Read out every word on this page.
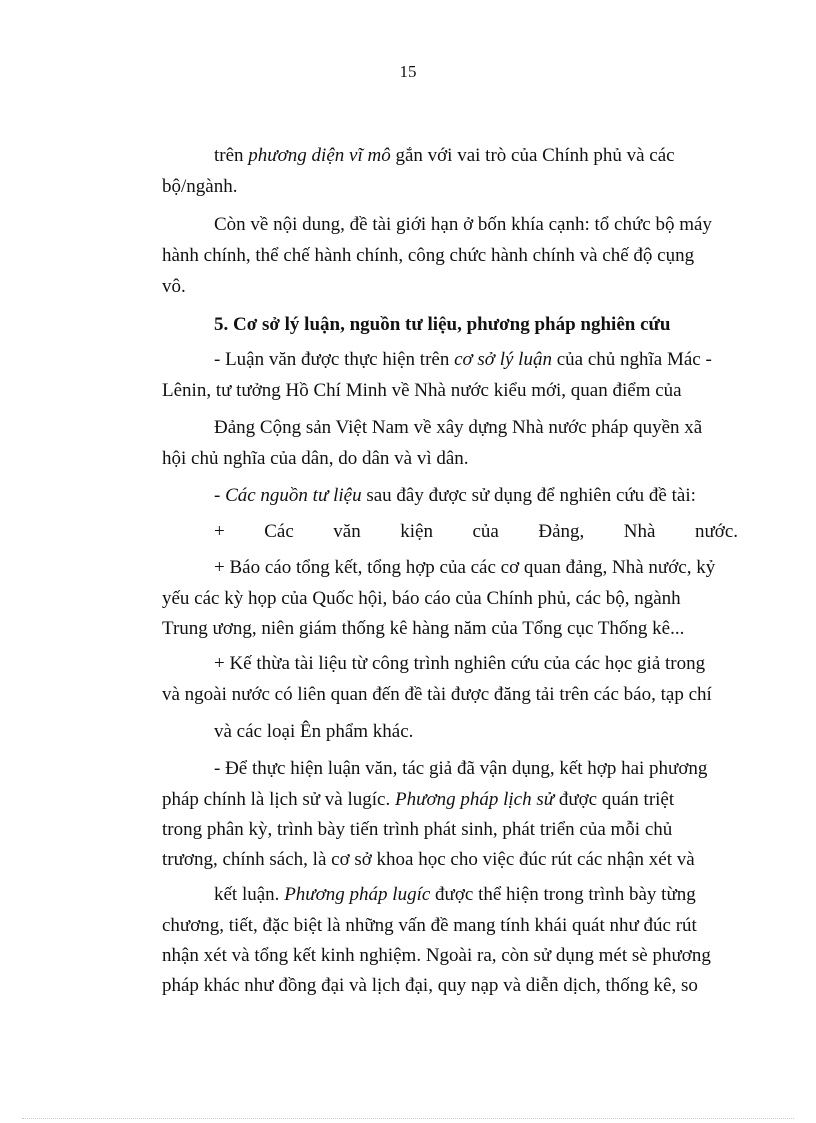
15
trên phương diện vĩ mô gắn với vai trò của Chính phủ và các
bộ/ngành.
Còn về nội dung, đề tài giới hạn ở bốn khía cạnh: tổ chức bộ máy
hành chính, thể chế hành chính, công chức hành chính và chế độ cụng
vô.
5. Cơ sở lý luận, nguồn tư liệu, phương pháp nghiên cứu
- Luận văn được thực hiện trên cơ sở lý luận của chủ nghĩa Mác -
Lênin, tư tưởng Hồ Chí Minh về Nhà nước kiểu mới, quan điểm của
Đảng Cộng sản Việt Nam về xây dựng Nhà nước pháp quyền xã
hội chủ nghĩa của dân, do dân và vì dân.
- Các nguồn tư liệu sau đây được sử dụng để nghiên cứu đề tài:
+ Các văn kiện của Đảng, Nhà nước.
+ Báo cáo tổng kết, tổng hợp của các cơ quan đảng, Nhà nước, kỷ
yếu các kỳ họp của Quốc hội, báo cáo của Chính phủ, các bộ, ngành
Trung ương, niên giám thống kê hàng năm của Tổng cục Thống kê...
+ Kế thừa tài liệu từ công trình nghiên cứu của các học giả trong
và ngoài nước có liên quan đến đề tài được đăng tải trên các báo, tạp chí
và các loại Ên phẩm khác.
- Để thực hiện luận văn, tác giả đã vận dụng, kết hợp hai phương
pháp chính là lịch sử và lugíc. Phương pháp lịch sử được quán triệt
trong phân kỳ, trình bày tiến trình phát sinh, phát triển của mỗi chủ
trương, chính sách, là cơ sở khoa học cho việc đúc rút các nhận xét và
kết luận. Phương pháp lugíc được thể hiện trong trình bày từng
chương, tiết, đặc biệt là những vấn đề mang tính khái quát như đúc rút
nhận xét và tổng kết kinh nghiệm. Ngoài ra, còn sử dụng mét sè phương
pháp khác như đồng đại và lịch đại, quy nạp và diễn dịch, thống kê, so
